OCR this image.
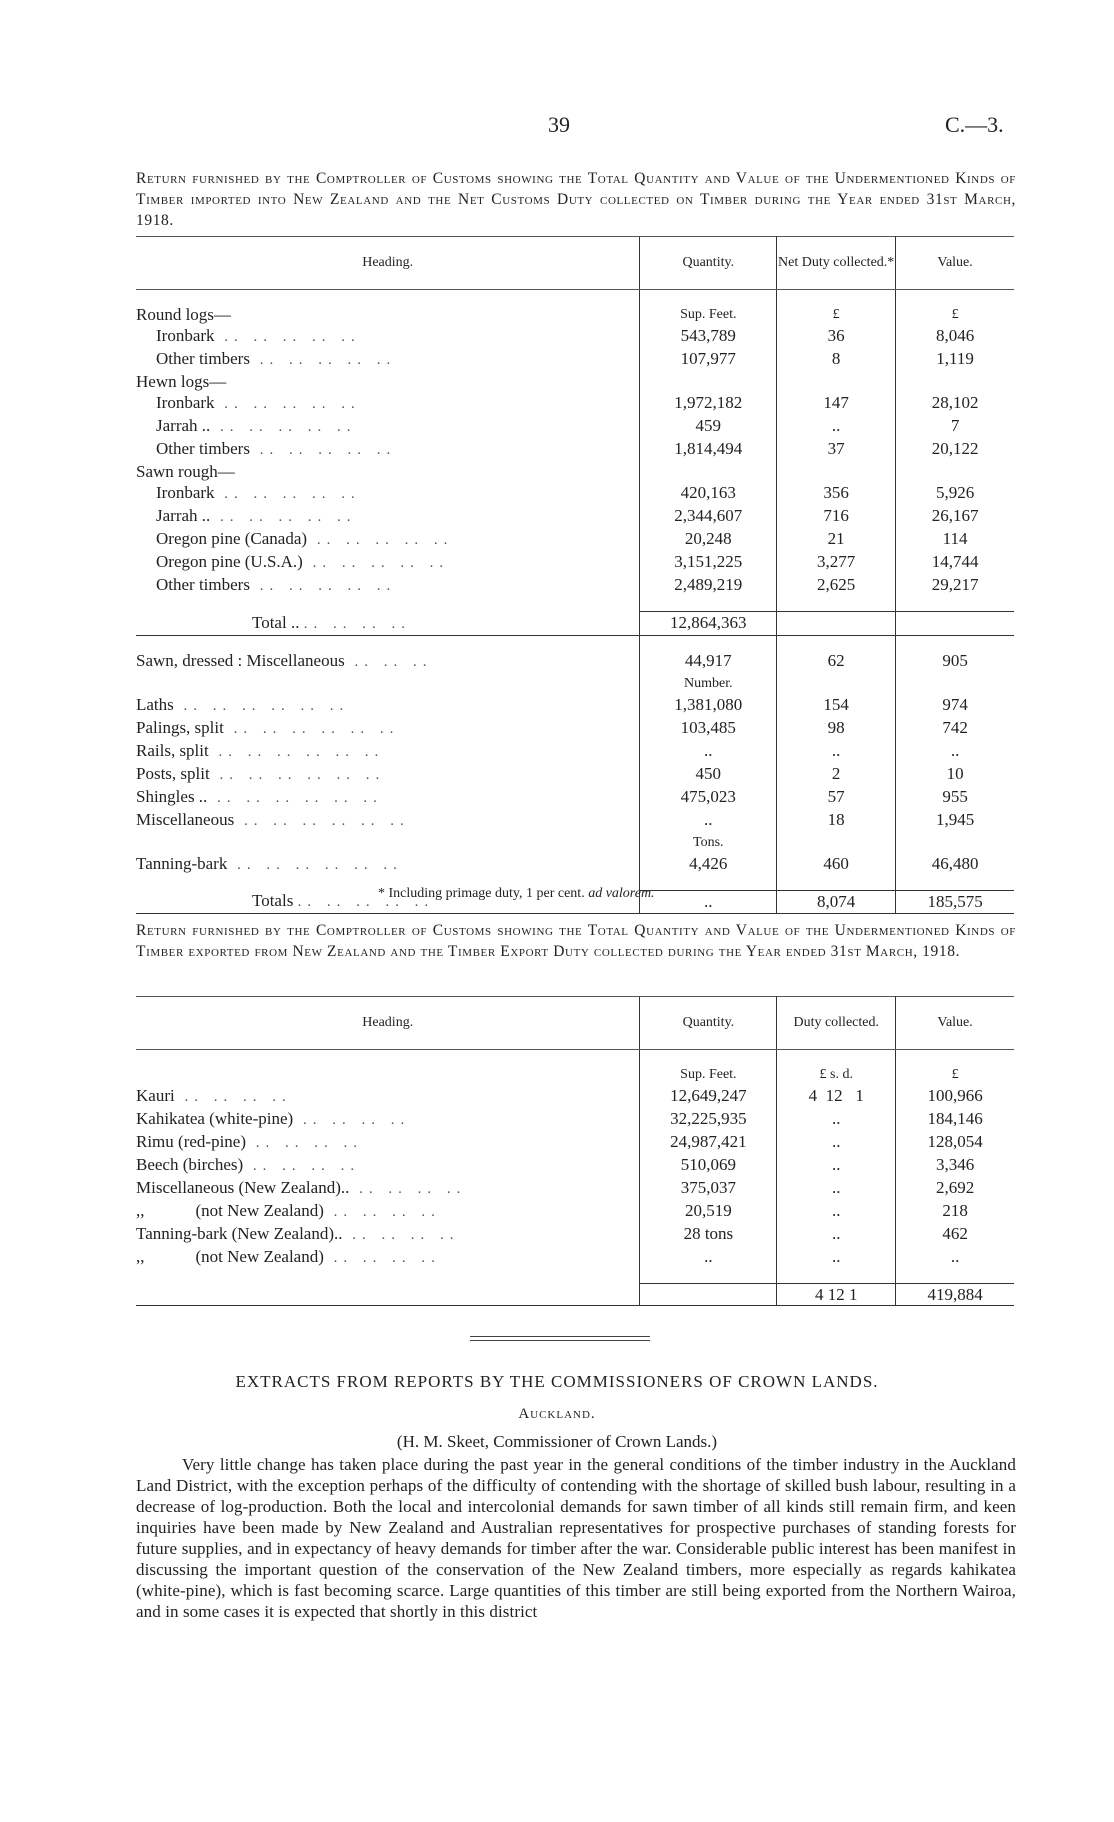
39	C.—3.
Return furnished by the Comptroller of Customs showing the Total Quantity and Value of the Undermentioned Kinds of Timber imported into New Zealand and the Net Customs Duty collected on Timber during the Year ended 31st March, 1918.
Heading.	Quantity.	Net Duty collected.*	Value.

Round logs—	Sup. Feet.	£	£
Ironbark .. .. .. .. ..	543,789	36	8,046
Other timbers .. .. .. .. ..	107,977	8	1,119
Hewn logs—			
Ironbark .. .. .. .. ..	1,972,182	147	28,102
Jarrah .. .. .. .. .. ..	459	..	7
Other timbers .. .. .. .. ..	1,814,494	37	20,122
Sawn rough—			
Ironbark .. .. .. .. ..	420,163	356	5,926
Jarrah .. .. .. .. .. ..	2,344,607	716	26,167
Oregon pine (Canada) .. .. .. .. ..	20,248	21	114
Oregon pine (U.S.A.) .. .. .. .. ..	3,151,225	3,277	14,744
Other timbers .. .. .. .. ..	2,489,219	2,625	29,217

Total .. .. .. .. ..	12,864,363		

Sawn, dressed : Miscellaneous .. .. ..	44,917	62	905
	Number.		
Laths .. .. .. .. .. ..	1,381,080	154	974
Palings, split .. .. .. .. .. ..	103,485	98	742
Rails, split .. .. .. .. .. ..	..	..	..
Posts, split .. .. .. .. .. ..	450	2	10
Shingles .. .. .. .. .. .. ..	475,023	57	955
Miscellaneous .. .. .. .. .. ..	..	18	1,945
	Tons.		
Tanning-bark .. .. .. .. .. ..	4,426	460	46,480

Totals .. .. .. .. ..	..	8,074	185,575
* Including primage duty, 1 per cent. ad valorem.
Return furnished by the Comptroller of Customs showing the Total Quantity and Value of the Undermentioned Kinds of Timber exported from New Zealand and the Timber Export Duty collected during the Year ended 31st March, 1918.
Heading.	Quantity.	Duty collected.	Value.

	Sup. Feet.	£ s. d.	£
Kauri .. .. .. ..	12,649,247	4  12   1	100,966
Kahikatea (white-pine) .. .. .. ..	32,225,935	..	184,146
Rimu (red-pine) .. .. .. ..	24,987,421	..	128,054
Beech (birches) .. .. .. ..	510,069	..	3,346
Miscellaneous (New Zealand).. .. .. .. ..	375,037	..	2,692
,,            (not New Zealand) .. .. .. ..	20,519	..	218
Tanning-bark (New Zealand).. .. .. .. ..	28 tons	..	462
,,            (not New Zealand) .. .. .. ..	..	..	..

		4 12 1	419,884
EXTRACTS FROM REPORTS BY THE COMMISSIONERS OF CROWN LANDS.
Auckland.
(H. M. Skeet, Commissioner of Crown Lands.)
Very little change has taken place during the past year in the general conditions of the timber industry in the Auckland Land District, with the exception perhaps of the difficulty of contending with the shortage of skilled bush labour, resulting in a decrease of log-production. Both the local and intercolonial demands for sawn timber of all kinds still remain firm, and keen inquiries have been made by New Zealand and Australian representatives for prospective purchases of standing forests for future supplies, and in expectancy of heavy demands for timber after the war. Considerable public interest has been manifest in discussing the important question of the conservation of the New Zealand timbers, more especially as regards kahikatea (white-pine), which is fast becoming scarce. Large quantities of this timber are still being exported from the Northern Wairoa, and in some cases it is expected that shortly in this district
